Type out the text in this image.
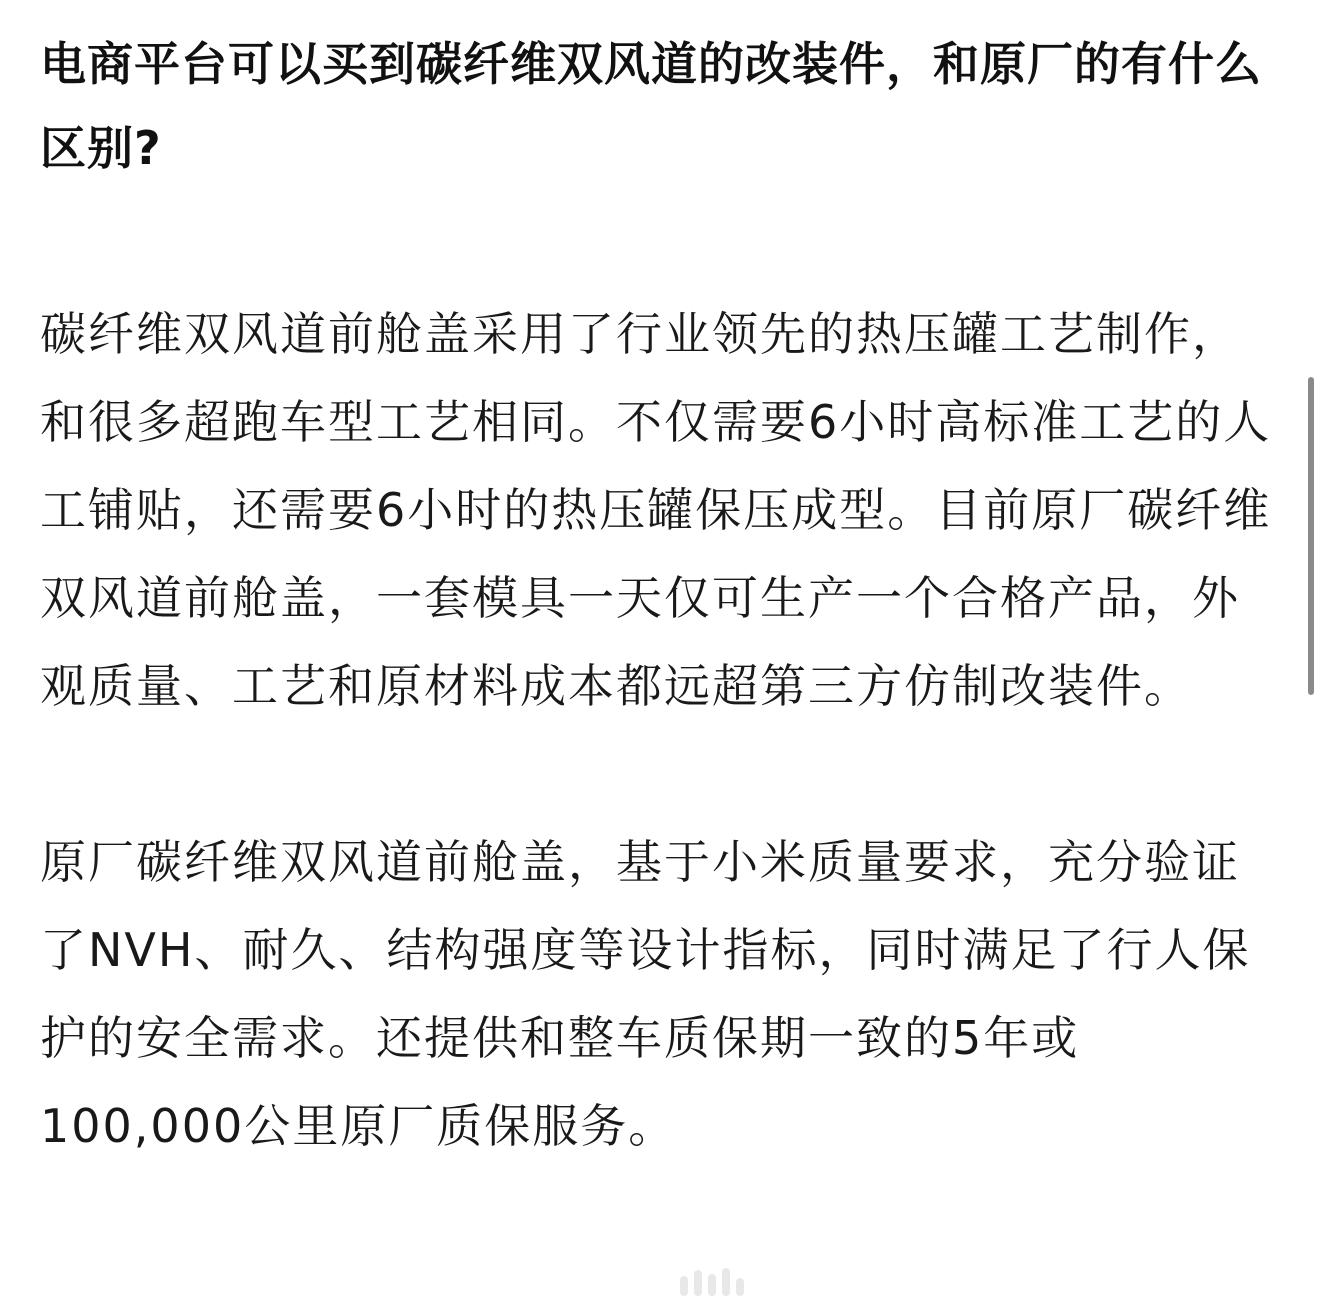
电商平台可以买到碳纤维双风道的改装件，和原厂的有什么区别?

碳纤维双风道前舱盖采用了行业领先的热压罐工艺制作，和很多超跑车型工艺相同。不仅需要6小时高标准工艺的人工铺贴，还需要6小时的热压罐保压成型。目前原厂碳纤维双风道前舱盖，一套模具一天仅可生产一个合格产品，外观质量、工艺和原材料成本都远超第三方仿制改装件。

原厂碳纤维双风道前舱盖，基于小米质量要求，充分验证了NVH、耐久、结构强度等设计指标，同时满足了行人保护的安全需求。还提供和整车质保期一致的5年或100,000公里原厂质保服务。
